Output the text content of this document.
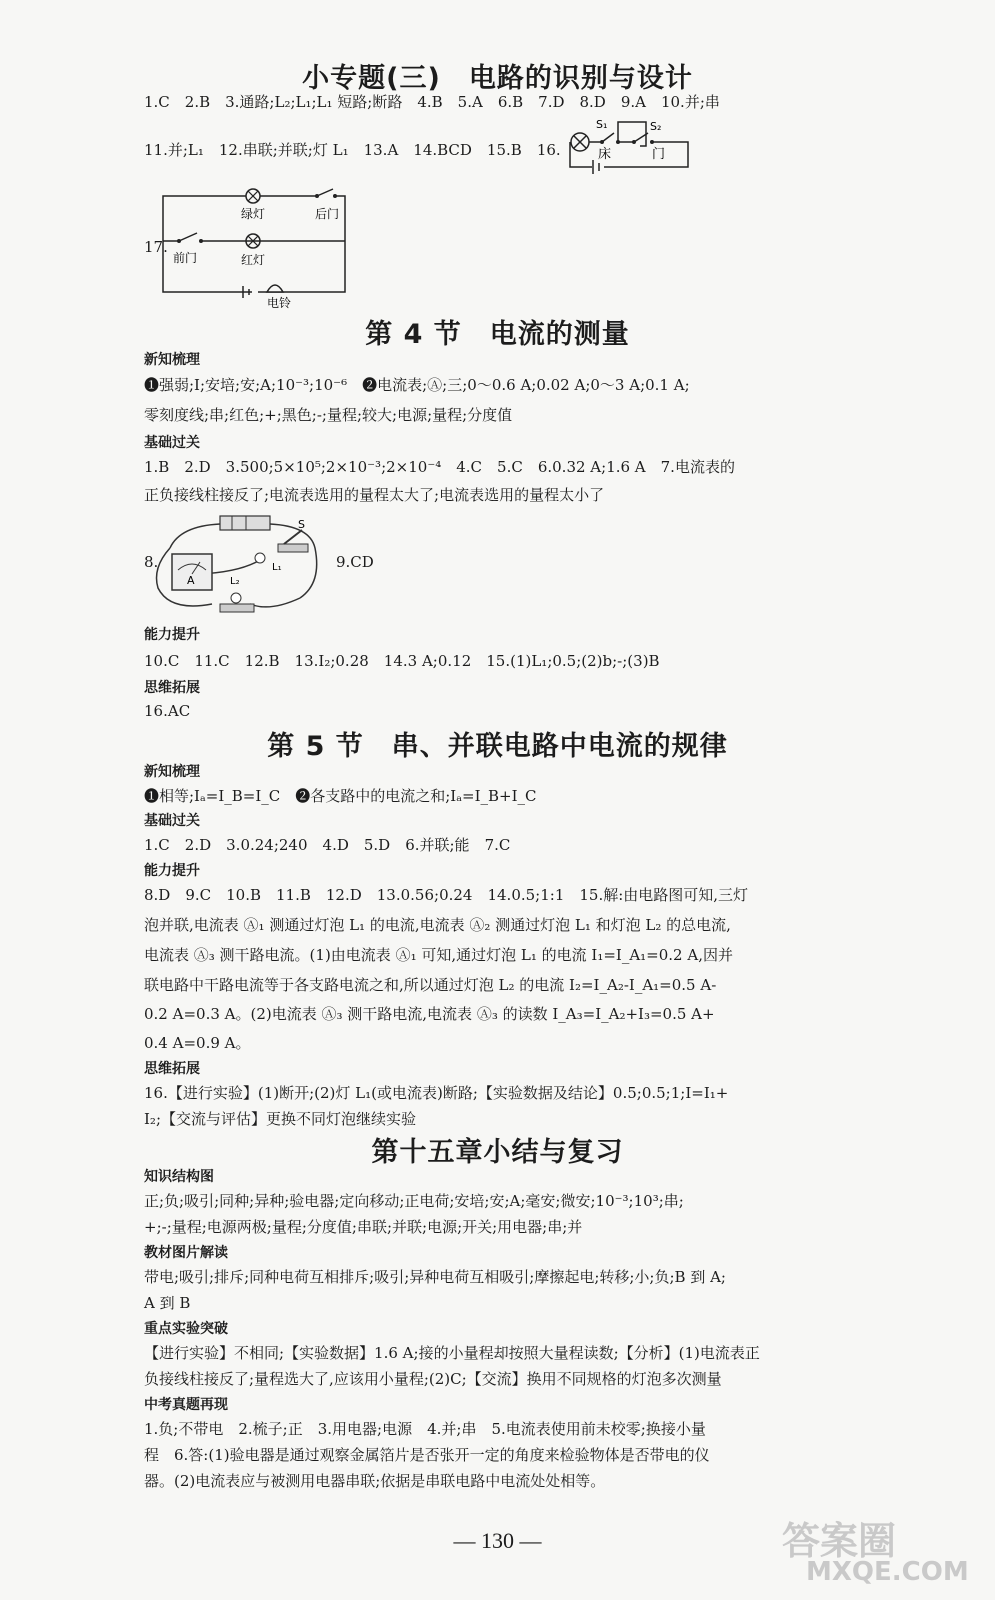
小专题(三)　电路的识别与设计
1.C　2.B　3.通路;L₂;L₁;L₁ 短路;断路　4.B　5.A　6.B　7.D　8.D　9.A　10.并;串
11.并;L₁　12.串联;并联;灯 L₁　13.A　14.BCD　15.B　16.
S₁	S₂
床	门
17.
绿灯	后门
前门	红灯
电铃
第 4 节　电流的测量
新知梳理
❶强弱;I;安培;安;A;10⁻³;10⁻⁶　❷电流表;Ⓐ;三;0～0.6 A;0.02 A;0～3 A;0.1 A;
零刻度线;串;红色;+;黑色;-;量程;较大;电源;量程;分度值
基础过关
1.B　2.D　3.500;5×10⁵;2×10⁻³;2×10⁻⁴　4.C　5.C　6.0.32 A;1.6 A　7.电流表的
正负接线柱接反了;电流表选用的量程太大了;电流表选用的量程太小了
8.
A
S
L₁
L₂
9.CD
能力提升
10.C　11.C　12.B　13.I₂;0.28　14.3 A;0.12　15.(1)L₁;0.5;(2)b;-;(3)B
思维拓展
16.AC
第 5 节　串、并联电路中电流的规律
新知梳理
❶相等;Iₐ=I_B=I_C　❷各支路中的电流之和;Iₐ=I_B+I_C
基础过关
1.C　2.D　3.0.24;240　4.D　5.D　6.并联;能　7.C
能力提升
8.D　9.C　10.B　11.B　12.D　13.0.56;0.24　14.0.5;1:1　15.解:由电路图可知,三灯
泡并联,电流表 Ⓐ₁ 测通过灯泡 L₁ 的电流,电流表 Ⓐ₂ 测通过灯泡 L₁ 和灯泡 L₂ 的总电流,
电流表 Ⓐ₃ 测干路电流。(1)由电流表 Ⓐ₁ 可知,通过灯泡 L₁ 的电流 I₁=I_A₁=0.2 A,因并
联电路中干路电流等于各支路电流之和,所以通过灯泡 L₂ 的电流 I₂=I_A₂-I_A₁=0.5 A-
0.2 A=0.3 A。(2)电流表 Ⓐ₃ 测干路电流,电流表 Ⓐ₃ 的读数 I_A₃=I_A₂+I₃=0.5 A+
0.4 A=0.9 A。
思维拓展
16.【进行实验】(1)断开;(2)灯 L₁(或电流表)断路;【实验数据及结论】0.5;0.5;1;I=I₁+
I₂;【交流与评估】更换不同灯泡继续实验
第十五章小结与复习
知识结构图
正;负;吸引;同种;异种;验电器;定向移动;正电荷;安培;安;A;毫安;微安;10⁻³;10³;串;
+;-;量程;电源两极;量程;分度值;串联;并联;电源;开关;用电器;串;并
教材图片解读
带电;吸引;排斥;同种电荷互相排斥;吸引;异种电荷互相吸引;摩擦起电;转移;小;负;B 到 A;
A 到 B
重点实验突破
【进行实验】不相同;【实验数据】1.6 A;接的小量程却按照大量程读数;【分析】(1)电流表正
负接线柱接反了;量程选大了,应该用小量程;(2)C;【交流】换用不同规格的灯泡多次测量
中考真题再现
1.负;不带电　2.梳子;正　3.用电器;电源　4.并;串　5.电流表使用前未校零;换接小量
程　6.答:(1)验电器是通过观察金属箔片是否张开一定的角度来检验物体是否带电的仪
器。(2)电流表应与被测用电器串联;依据是串联电路中电流处处相等。
— 130 —	答案圈
MXQE.COM
